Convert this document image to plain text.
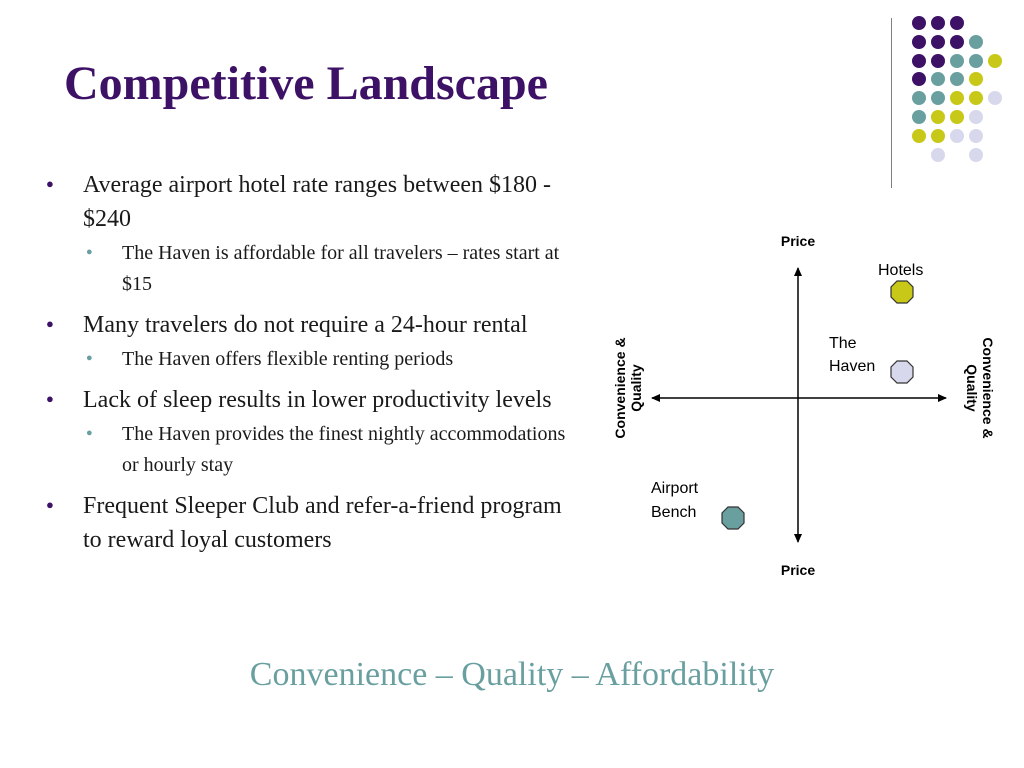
Competitive Landscape
● Average airport hotel rate ranges between $180 - $240
● The Haven is affordable for all travelers – rates start at $15
● Many travelers do not require a 24-hour rental
● The Haven offers flexible renting periods
● Lack of sleep results in lower productivity levels
● The Haven provides the finest nightly accommodations or hourly stay
● Frequent Sleeper Club and refer-a-friend program to reward loyal customers
Price
Price
Convenience & Quality	Convenience & Quality
Hotels
The
Haven
Airport
Bench
Convenience – Quality – Affordability
